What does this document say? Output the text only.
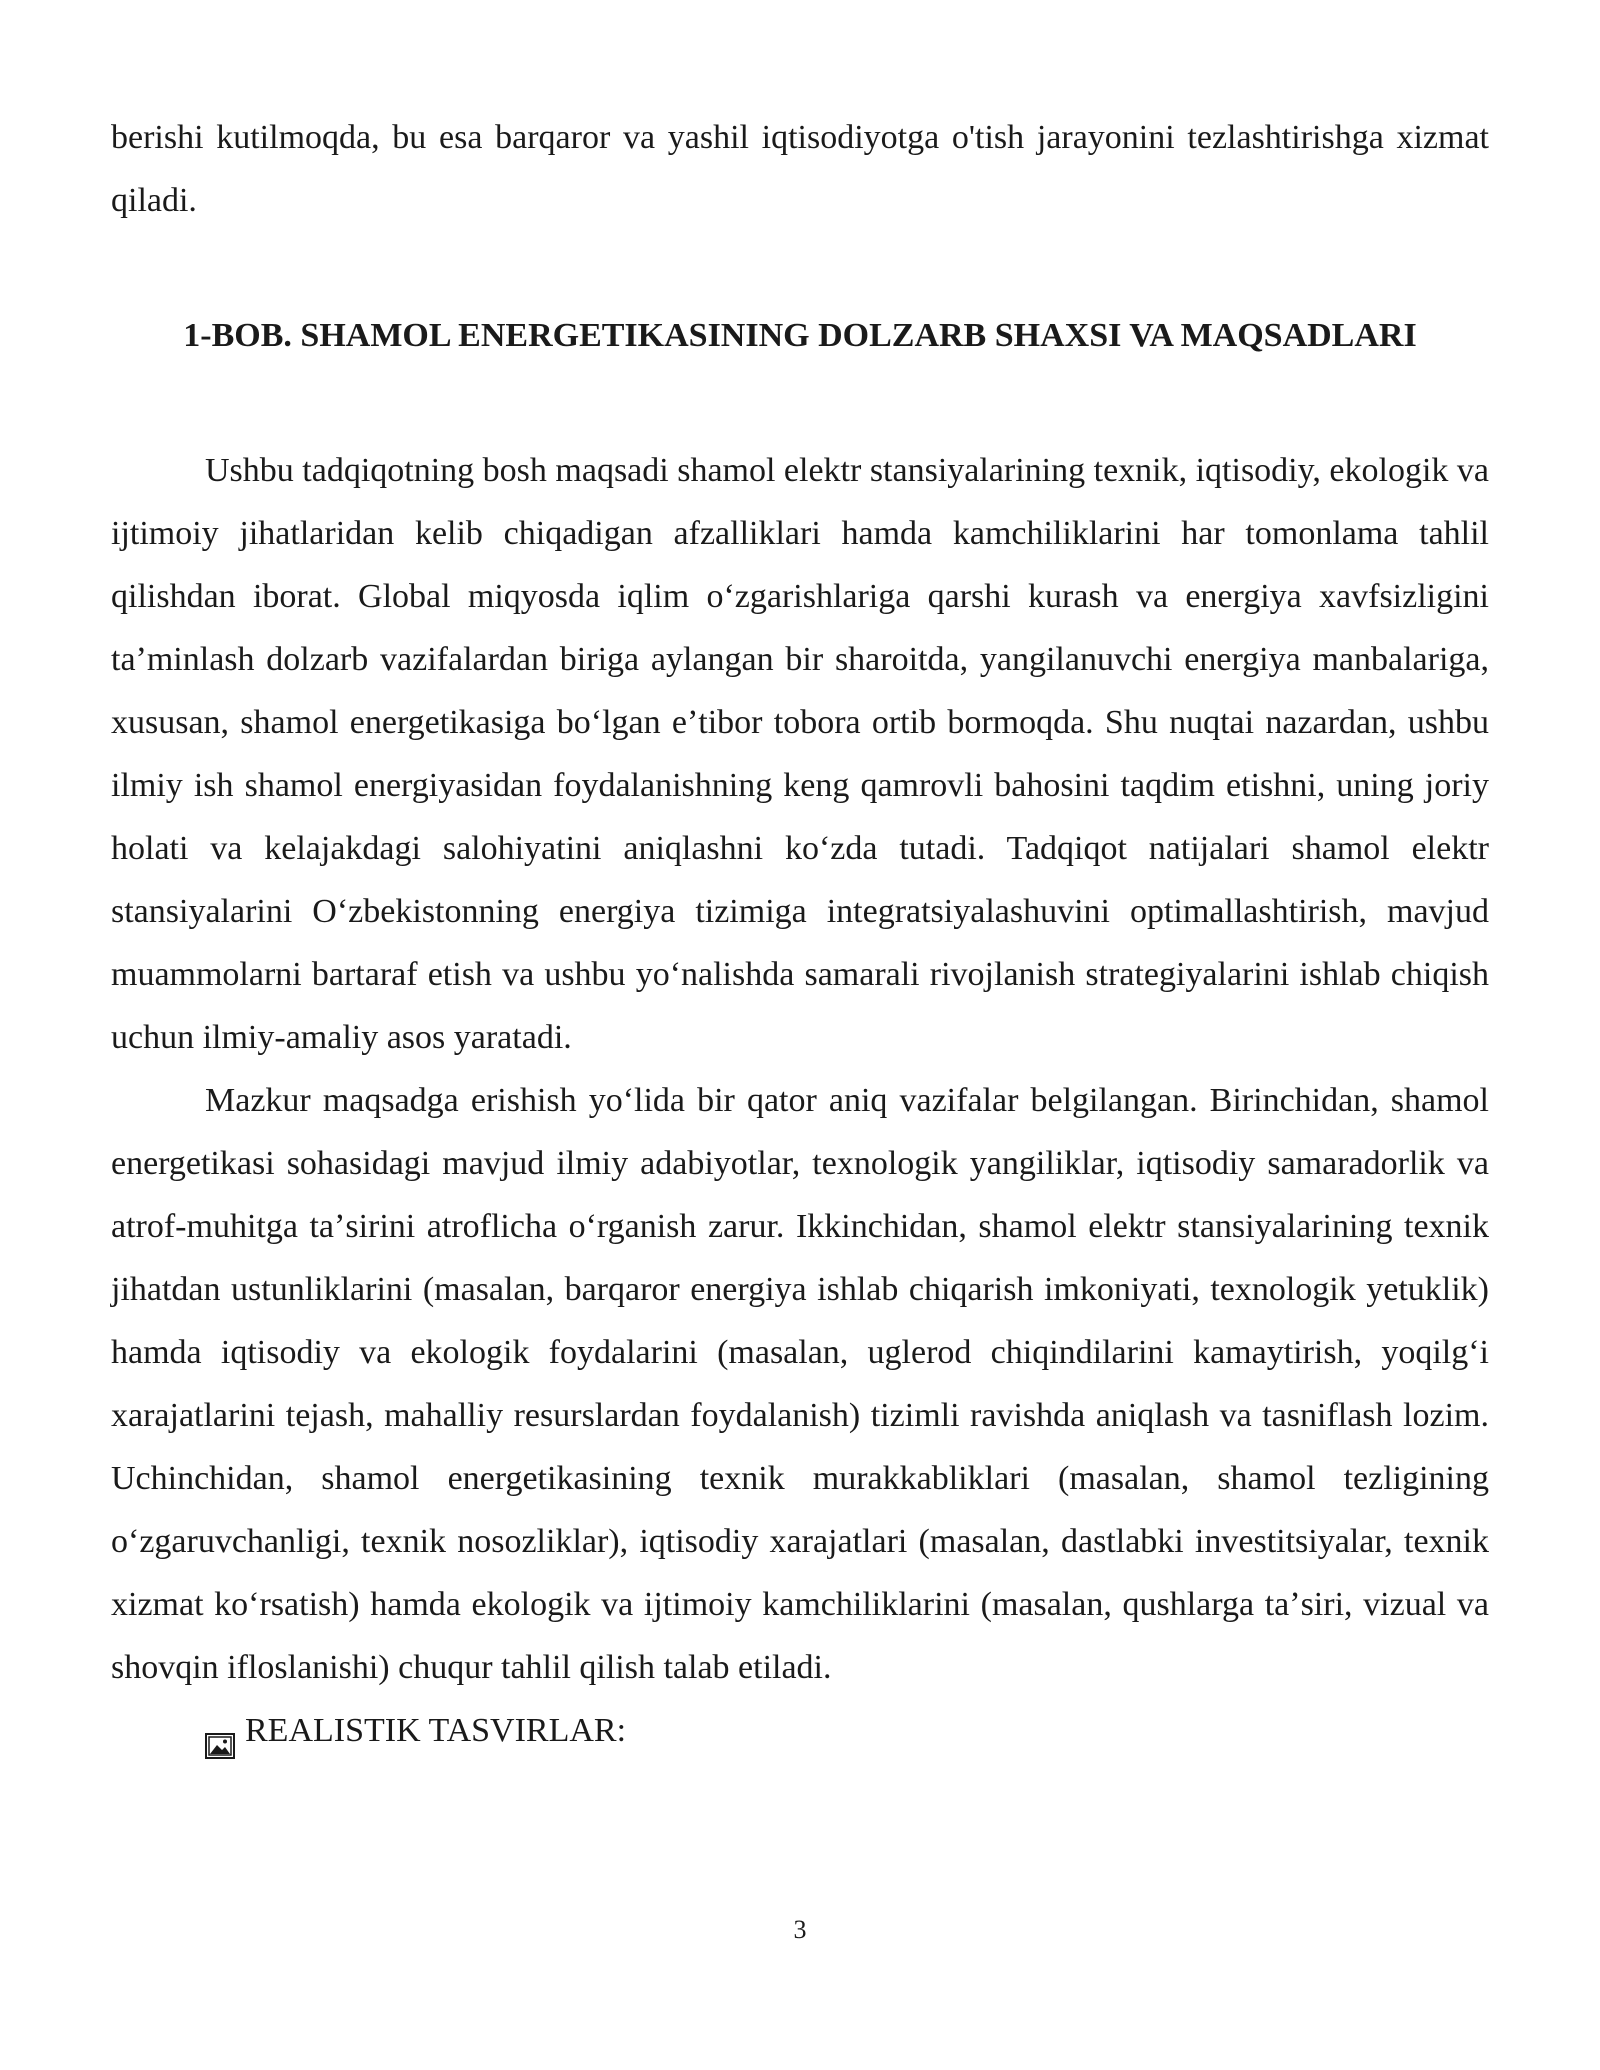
berishi kutilmoqda, bu esa barqaror va yashil iqtisodiyotga o'tish jarayonini tezlashtirishga xizmat qiladi.

1-BOB. SHAMOL ENERGETIKASINING DOLZARB SHAXSI VA MAQSADLARI

Ushbu tadqiqotning bosh maqsadi shamol elektr stansiyalarining texnik, iqtisodiy, ekologik va ijtimoiy jihatlaridan kelib chiqadigan afzalliklari hamda kamchiliklarini har tomonlama tahlil qilishdan iborat. Global miqyosda iqlim oʻzgarishlariga qarshi kurash va energiya xavfsizligini taʼminlash dolzarb vazifalardan biriga aylangan bir sharoitda, yangilanuvchi energiya manbalariga, xususan, shamol energetikasiga boʻlgan eʼtibor tobora ortib bormoqda. Shu nuqtai nazardan, ushbu ilmiy ish shamol energiyasidan foydalanishning keng qamrovli bahosini taqdim etishni, uning joriy holati va kelajakdagi salohiyatini aniqlashni koʻzda tutadi. Tadqiqot natijalari shamol elektr stansiyalarini Oʻzbekistonning energiya tizimiga integratsiyalashuvini optimallashtirish, mavjud muammolarni bartaraf etish va ushbu yoʻnalishda samarali rivojlanish strategiyalarini ishlab chiqish uchun ilmiy-amaliy asos yaratadi.

Mazkur maqsadga erishish yoʻlida bir qator aniq vazifalar belgilangan. Birinchidan, shamol energetikasi sohasidagi mavjud ilmiy adabiyotlar, texnologik yangiliklar, iqtisodiy samaradorlik va atrof-muhitga taʼsirini atroflicha oʻrganish zarur. Ikkinchidan, shamol elektr stansiyalarining texnik jihatdan ustunliklarini (masalan, barqaror energiya ishlab chiqarish imkoniyati, texnologik yetuklik) hamda iqtisodiy va ekologik foydalarini (masalan, uglerod chiqindilarini kamaytirish, yoqilgʻi xarajatlarini tejash, mahalliy resurslardan foydalanish) tizimli ravishda aniqlash va tasniflash lozim. Uchinchidan, shamol energetikasining texnik murakkabliklari (masalan, shamol tezligining oʻzgaruvchanligi, texnik nosozliklar), iqtisodiy xarajatlari (masalan, dastlabki investitsiyalar, texnik xizmat koʻrsatish) hamda ekologik va ijtimoiy kamchiliklarini (masalan, qushlarga taʼsiri, vizual va shovqin ifloslanishi) chuqur tahlil qilish talab etiladi.

REALISTIK TASVIRLAR:

3
